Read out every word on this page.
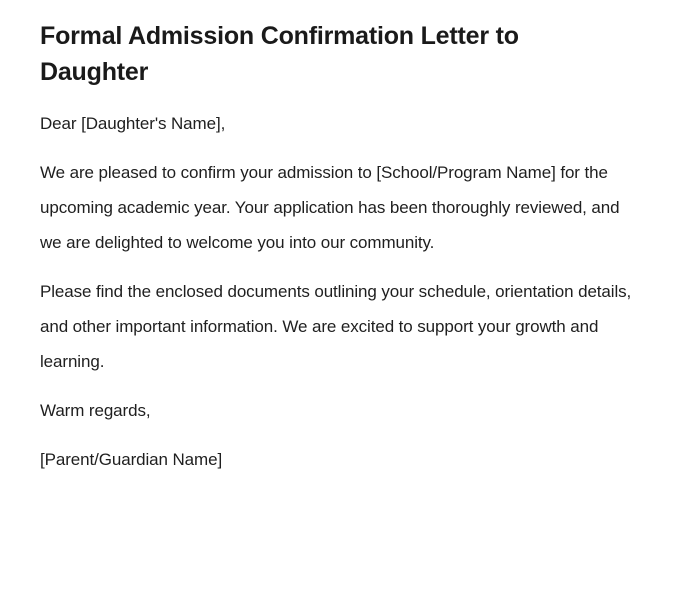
Formal Admission Confirmation Letter to Daughter

Dear [Daughter's Name],

We are pleased to confirm your admission to [School/Program Name] for the upcoming academic year. Your application has been thoroughly reviewed, and we are delighted to welcome you into our community.

Please find the enclosed documents outlining your schedule, orientation details, and other important information. We are excited to support your growth and learning.

Warm regards,

[Parent/Guardian Name]
